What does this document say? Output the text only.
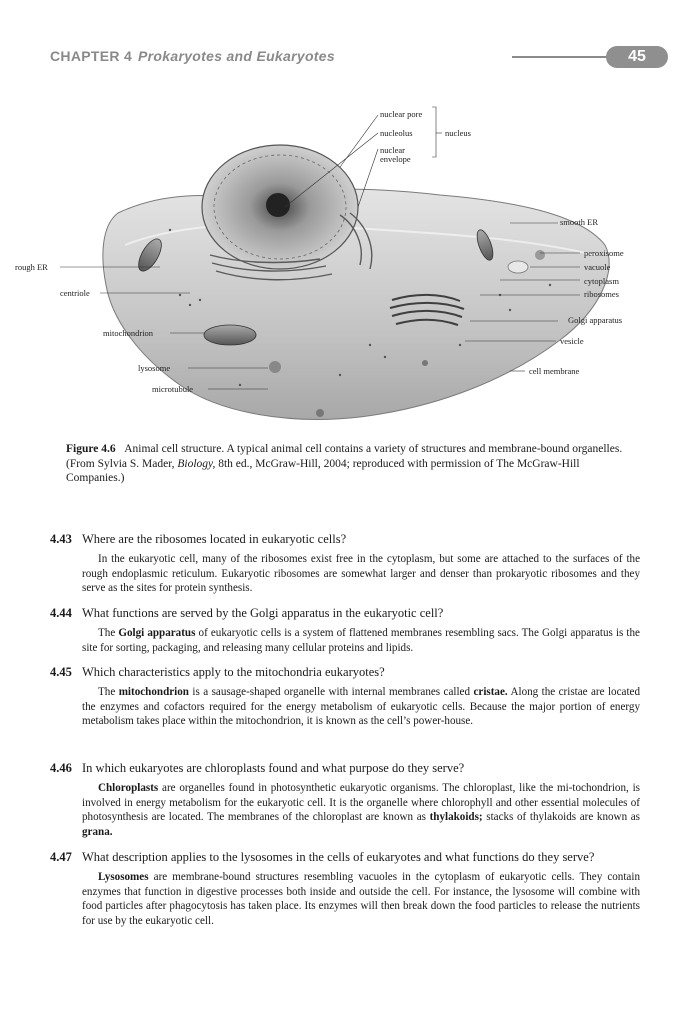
CHAPTER 4 Prokaryotes and Eukaryotes	45
nuclear pore
nucleolus
nuclear
envelope
nucleus
smooth ER
rough ER
peroxisome
vacuole
cytoplasm
centriole	ribosomes
Golgi apparatus
mitochondrion
vesicle
lysosome	cell membrane
microtubule
Figure 4.6 Animal cell structure. A typical animal cell contains a variety of structures and membrane-bound organelles. (From Sylvia S. Mader, Biology, 8th ed., McGraw-Hill, 2004; reproduced with permission of The McGraw-Hill Companies.)
4.43 Where are the ribosomes located in eukaryotic cells?
In the eukaryotic cell, many of the ribosomes exist free in the cytoplasm, but some are attached to the surfaces of the rough endoplasmic reticulum. Eukaryotic ribosomes are somewhat larger and denser than prokaryotic ribosomes and they serve as the sites for protein synthesis.
4.44 What functions are served by the Golgi apparatus in the eukaryotic cell?
The Golgi apparatus of eukaryotic cells is a system of flattened membranes resembling sacs. The Golgi apparatus is the site for sorting, packaging, and releasing many cellular proteins and lipids.
4.45 Which characteristics apply to the mitochondria eukaryotes?
The mitochondrion is a sausage-shaped organelle with internal membranes called cristae. Along the cristae are located the enzymes and cofactors required for the energy metabolism of eukaryotic cells. Because the major portion of energy metabolism takes place within the mitochondrion, it is known as the cell’s power-house.
4.46 In which eukaryotes are chloroplasts found and what purpose do they serve?
Chloroplasts are organelles found in photosynthetic eukaryotic organisms. The chloroplast, like the mi-tochondrion, is involved in energy metabolism for the eukaryotic cell. It is the organelle where chlorophyll and other essential molecules of photosynthesis are located. The membranes of the chloroplast are known as thylakoids; stacks of thylakoids are known as grana.
4.47 What description applies to the lysosomes in the cells of eukaryotes and what functions do they serve?
Lysosomes are membrane-bound structures resembling vacuoles in the cytoplasm of eukaryotic cells. They contain enzymes that function in digestive processes both inside and outside the cell. For instance, the lysosome will combine with food particles after phagocytosis has taken place. Its enzymes will then break down the food particles to release the nutrients for use by the eukaryotic cell.
